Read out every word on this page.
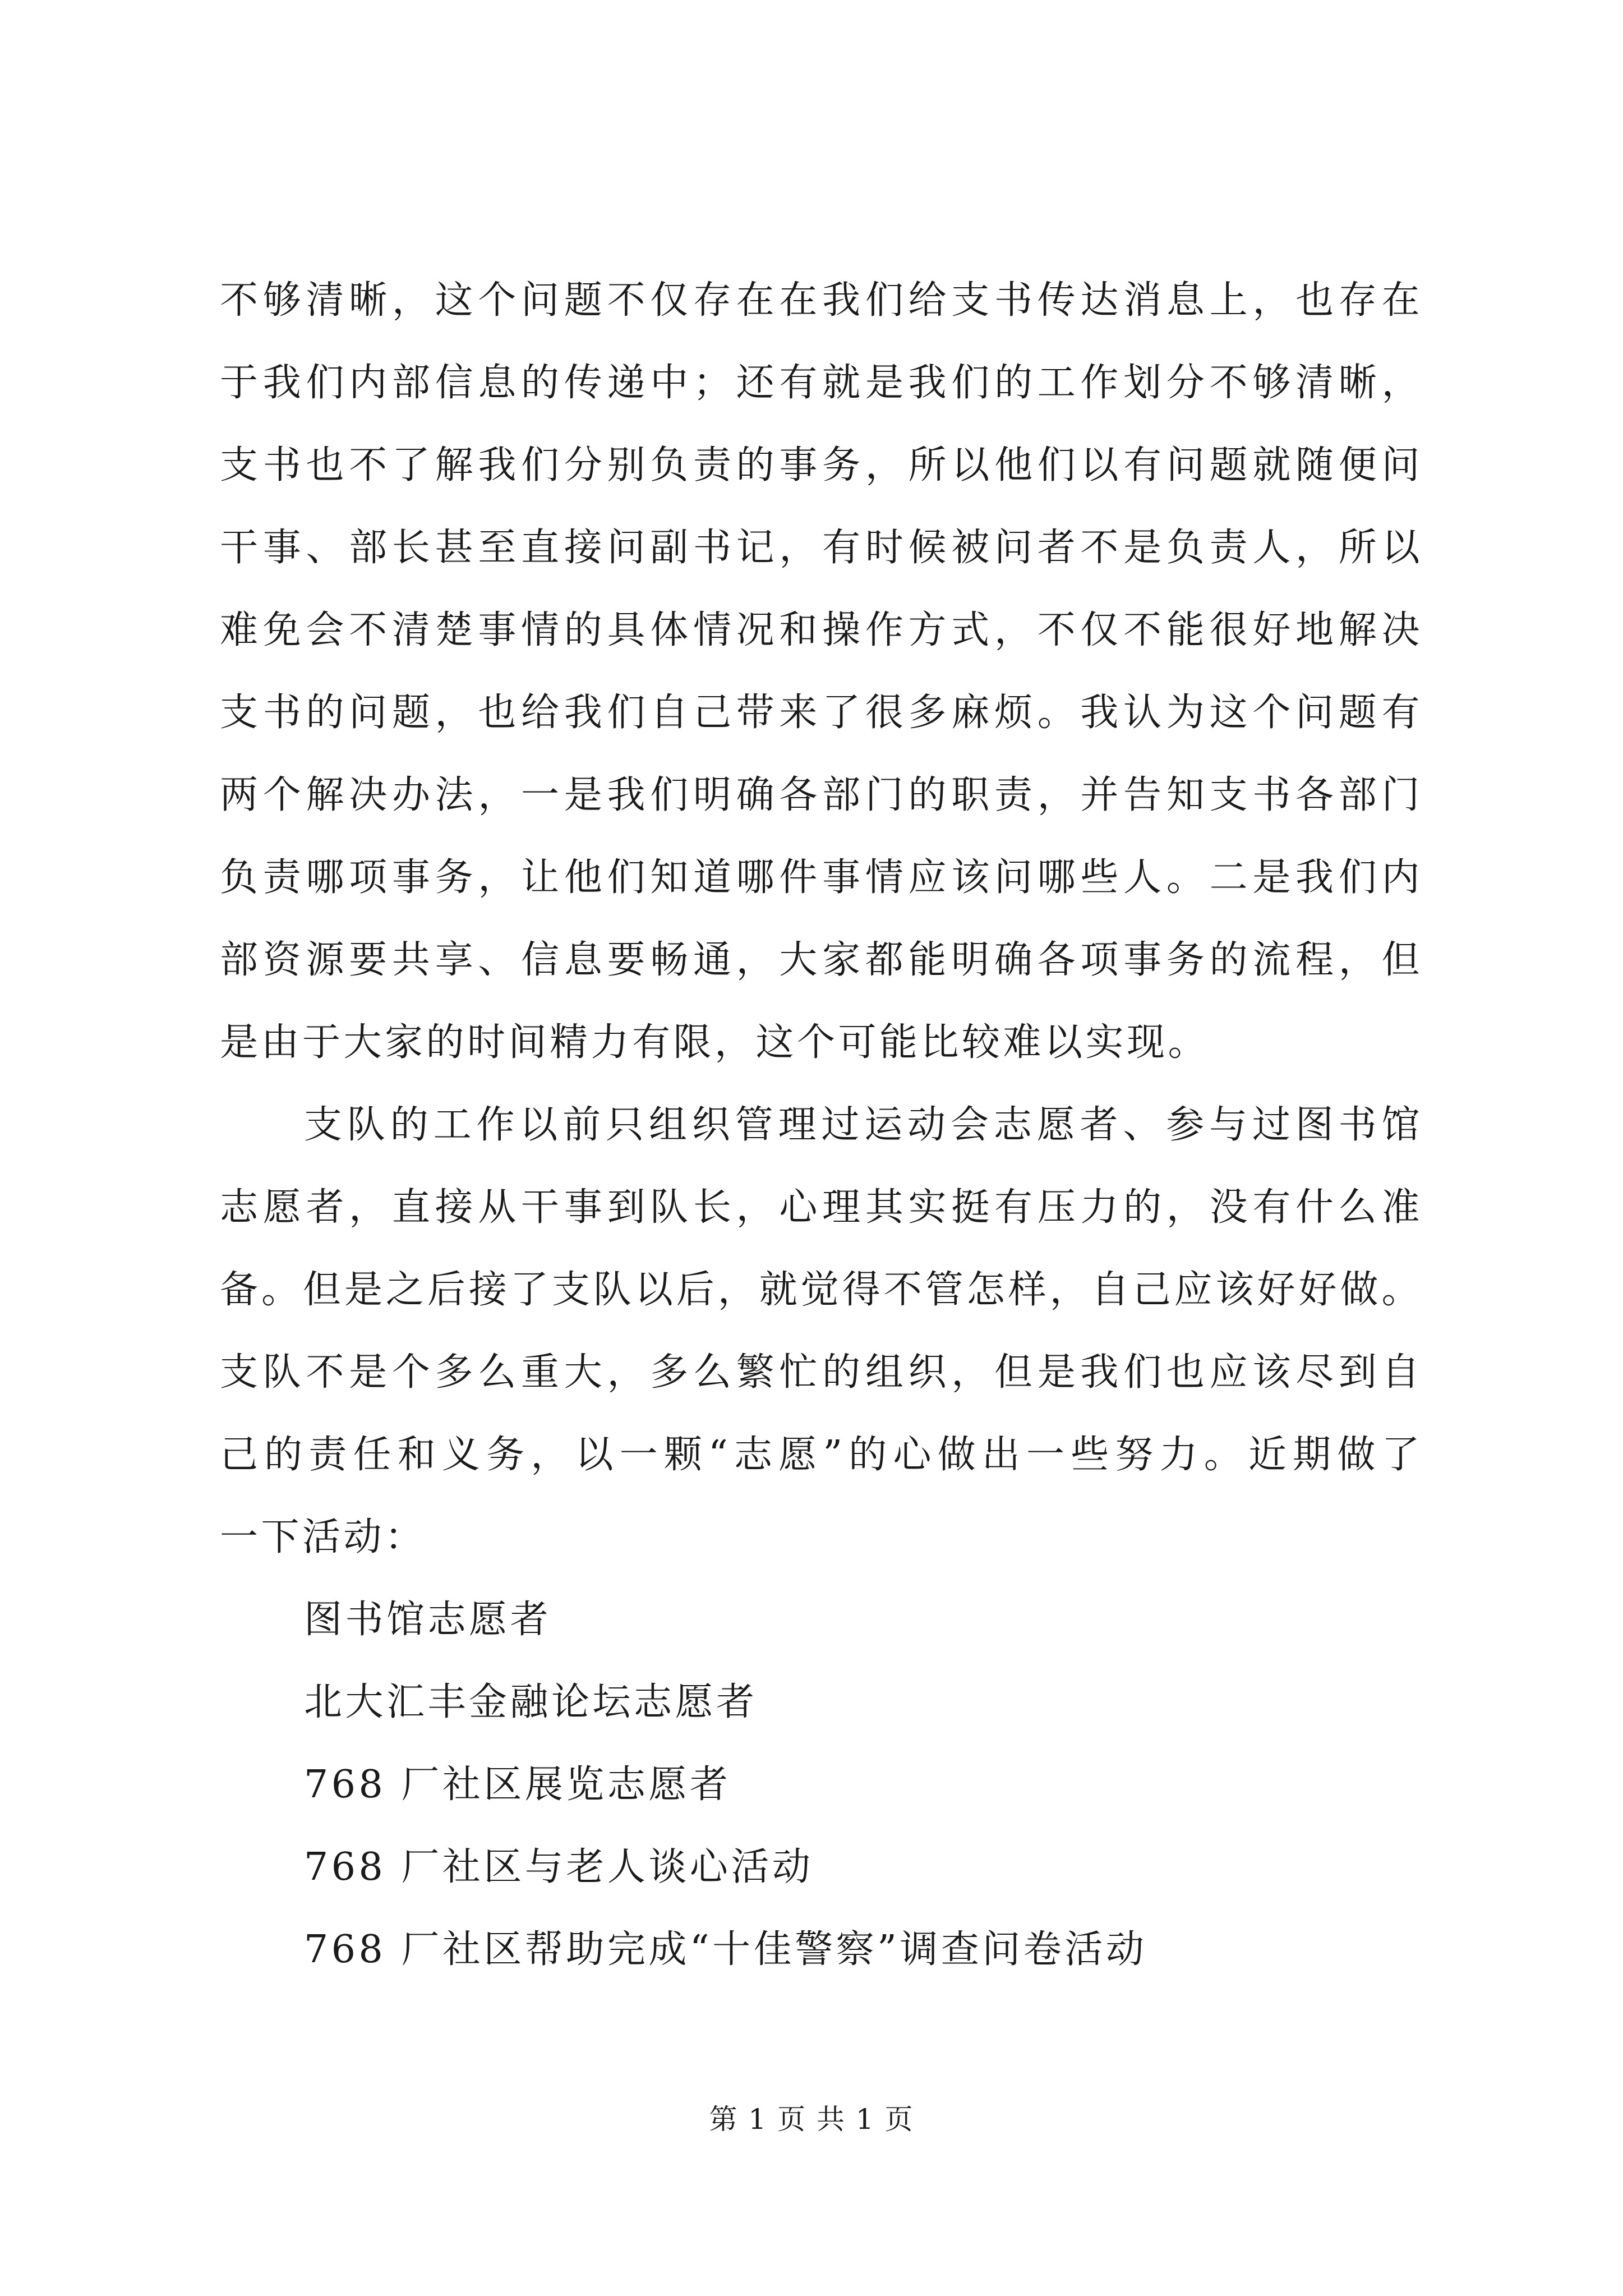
不够清晰，这个问题不仅存在在我们给支书传达消息上，也存在
于我们内部信息的传递中；还有就是我们的工作划分不够清晰，
支书也不了解我们分别负责的事务，所以他们以有问题就随便问
干事、部长甚至直接问副书记，有时候被问者不是负责人，所以
难免会不清楚事情的具体情况和操作方式，不仅不能很好地解决
支书的问题，也给我们自己带来了很多麻烦。我认为这个问题有
两个解决办法，一是我们明确各部门的职责，并告知支书各部门
负责哪项事务，让他们知道哪件事情应该问哪些人。二是我们内
部资源要共享、信息要畅通，大家都能明确各项事务的流程，但
是由于大家的时间精力有限，这个可能比较难以实现。
支队的工作以前只组织管理过运动会志愿者、参与过图书馆
志愿者，直接从干事到队长，心理其实挺有压力的，没有什么准
备。但是之后接了支队以后，就觉得不管怎样，自己应该好好做。
支队不是个多么重大，多么繁忙的组织，但是我们也应该尽到自
己的责任和义务，以一颗“志愿”的心做出一些努力。近期做了
一下活动：
图书馆志愿者
北大汇丰金融论坛志愿者
768 厂社区展览志愿者
768 厂社区与老人谈心活动
768 厂社区帮助完成“十佳警察”调查问卷活动
第 1 页 共 1 页
